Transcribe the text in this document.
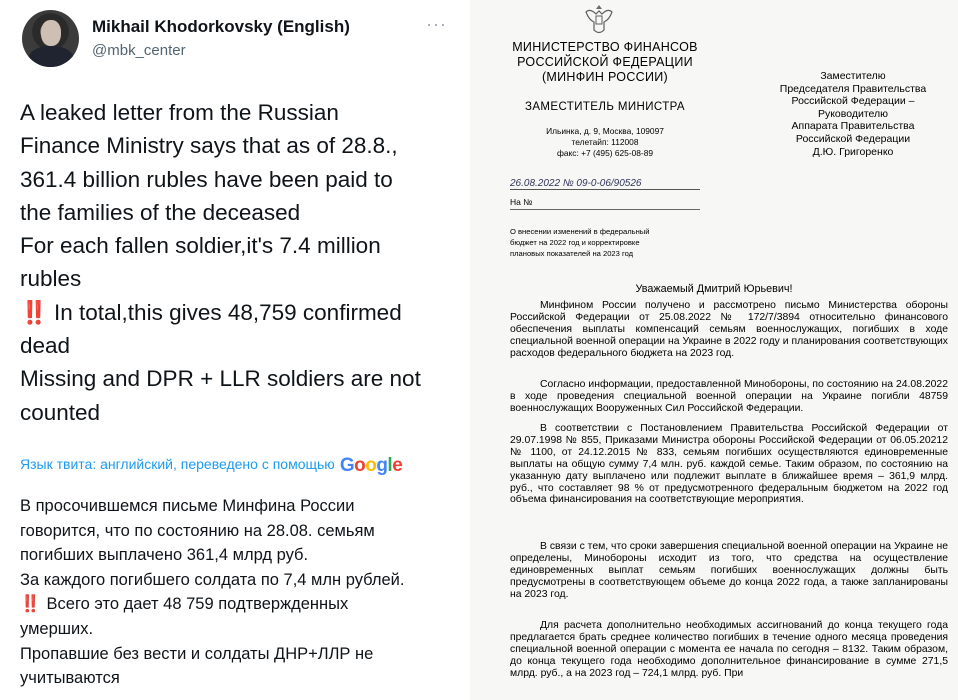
Mikhail Khodorkovsky (English)
@mbk_center
···
A leaked letter from the Russian
Finance Ministry says that as of 28.8.,
361.4 billion rubles have been paid to
the families of the deceased
For each fallen soldier,it's 7.4 million
rubles
‼️ In total,this gives 48,759 confirmed
dead
Missing and DPR + LLR soldiers are not
counted
Язык твита: английский, переведено с помощью Google
В просочившемся письме Минфина России
говорится, что по состоянию на 28.08. семьям
погибших выплачено 361,4 млрд руб.
За каждого погибшего солдата по 7,4 млн рублей.
‼️ Всего это дает 48 759 подтвержденных
умерших.
Пропавшие без вести и солдаты ДНР+ЛЛР не
учитываются
МИНИСТЕРСТВО ФИНАНСОВ
РОССИЙСКОЙ ФЕДЕРАЦИИ
(МИНФИН РОССИИ)
ЗАМЕСТИТЕЛЬ МИНИСТРА
Ильинка, д. 9, Москва, 109097
телетайп: 112008
факс: +7 (495) 625-08-89
26.08.2022 № 09-0-06/90526
На №
О внесении изменений в федеральный
бюджет на 2022 год и корректировке
плановых показателей на 2023 год
Заместителю
Председателя Правительства
Российской Федерации –
Руководителю
Аппарата Правительства
Российской Федерации
Д.Ю. Григоренко
Уважаемый Дмитрий Юрьевич!
Минфином России получено и рассмотрено письмо Министерства обороны Российской Федерации от 25.08.2022 № 172/7/3894 относительно финансового обеспечения выплаты компенсаций семьям военнослужащих, погибших в ходе специальной военной операции на Украине в 2022 году и планирования соответствующих расходов федерального бюджета на 2023 год.
Согласно информации, предоставленной Минобороны, по состоянию на 24.08.2022 в ходе проведения специальной военной операции на Украине погибли 48759 военнослужащих Вооруженных Сил Российской Федерации.
В соответствии с Постановлением Правительства Российской Федерации от 29.07.1998 № 855, Приказами Министра обороны Российской Федерации от 06.05.20212 № 1100, от 24.12.2015 № 833, семьям погибших осуществляются единовременные выплаты на общую сумму 7,4 млн. руб. каждой семье. Таким образом, по состоянию на указанную дату выплачено или подлежит выплате в ближайшее время – 361,9 млрд. руб., что составляет 98 % от предусмотренного федеральным бюджетом на 2022 год объема финансирования на соответствующие мероприятия.
В связи с тем, что сроки завершения специальной военной операции на Украине не определены, Минобороны исходит из того, что средства на осуществление единовременных выплат семьям погибших военнослужащих должны быть предусмотрены в соответствующем объеме до конца 2022 года, а также запланированы на 2023 год.
Для расчета дополнительно необходимых ассигнований до конца текущего года предлагается брать среднее количество погибших в течение одного месяца проведения специальной военной операции с момента ее начала по сегодня – 8132. Таким образом, до конца текущего года необходимо дополнительное финансирование в сумме 271,5 млрд. руб., а на 2023 год – 724,1 млрд. руб. При
